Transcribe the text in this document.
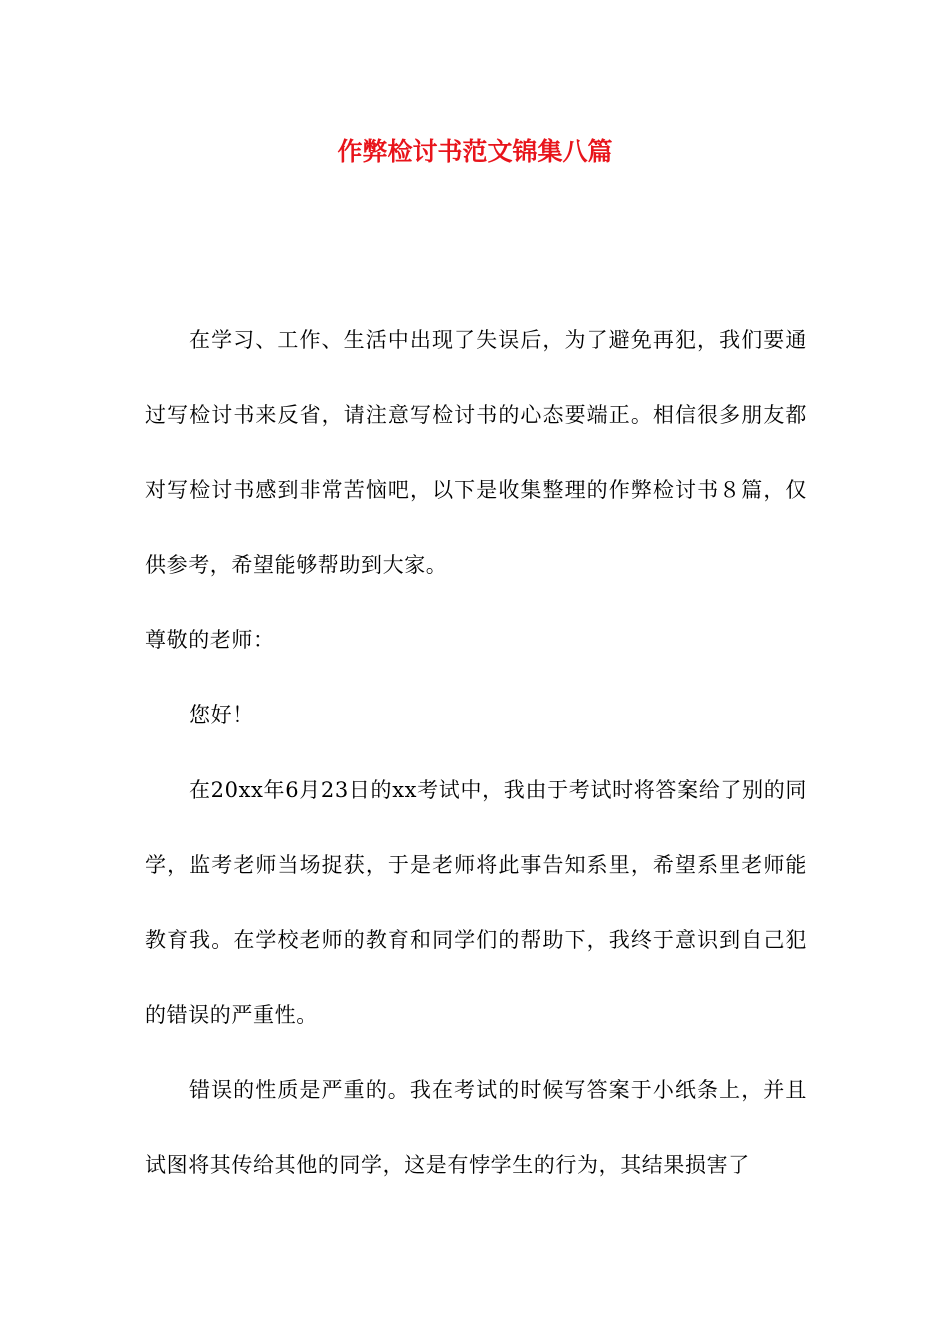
作弊检讨书范文锦集八篇

在学习、工作、生活中出现了失误后，为了避免再犯，我们要通过写检讨书来反省，请注意写检讨书的心态要端正。相信很多朋友都对写检讨书感到非常苦恼吧，以下是收集整理的作弊检讨书８篇，仅供参考，希望能够帮助到大家。

尊敬的老师：

您好！

在20xx年6月23日的xx考试中，我由于考试时将答案给了别的同学，监考老师当场捉获，于是老师将此事告知系里，希望系里老师能教育我。在学校老师的教育和同学们的帮助下，我终于意识到自己犯的错误的严重性。

错误的性质是严重的。我在考试的时候写答案于小纸条上，并且试图将其传给其他的同学，这是有悖学生的行为，其结果损害了
